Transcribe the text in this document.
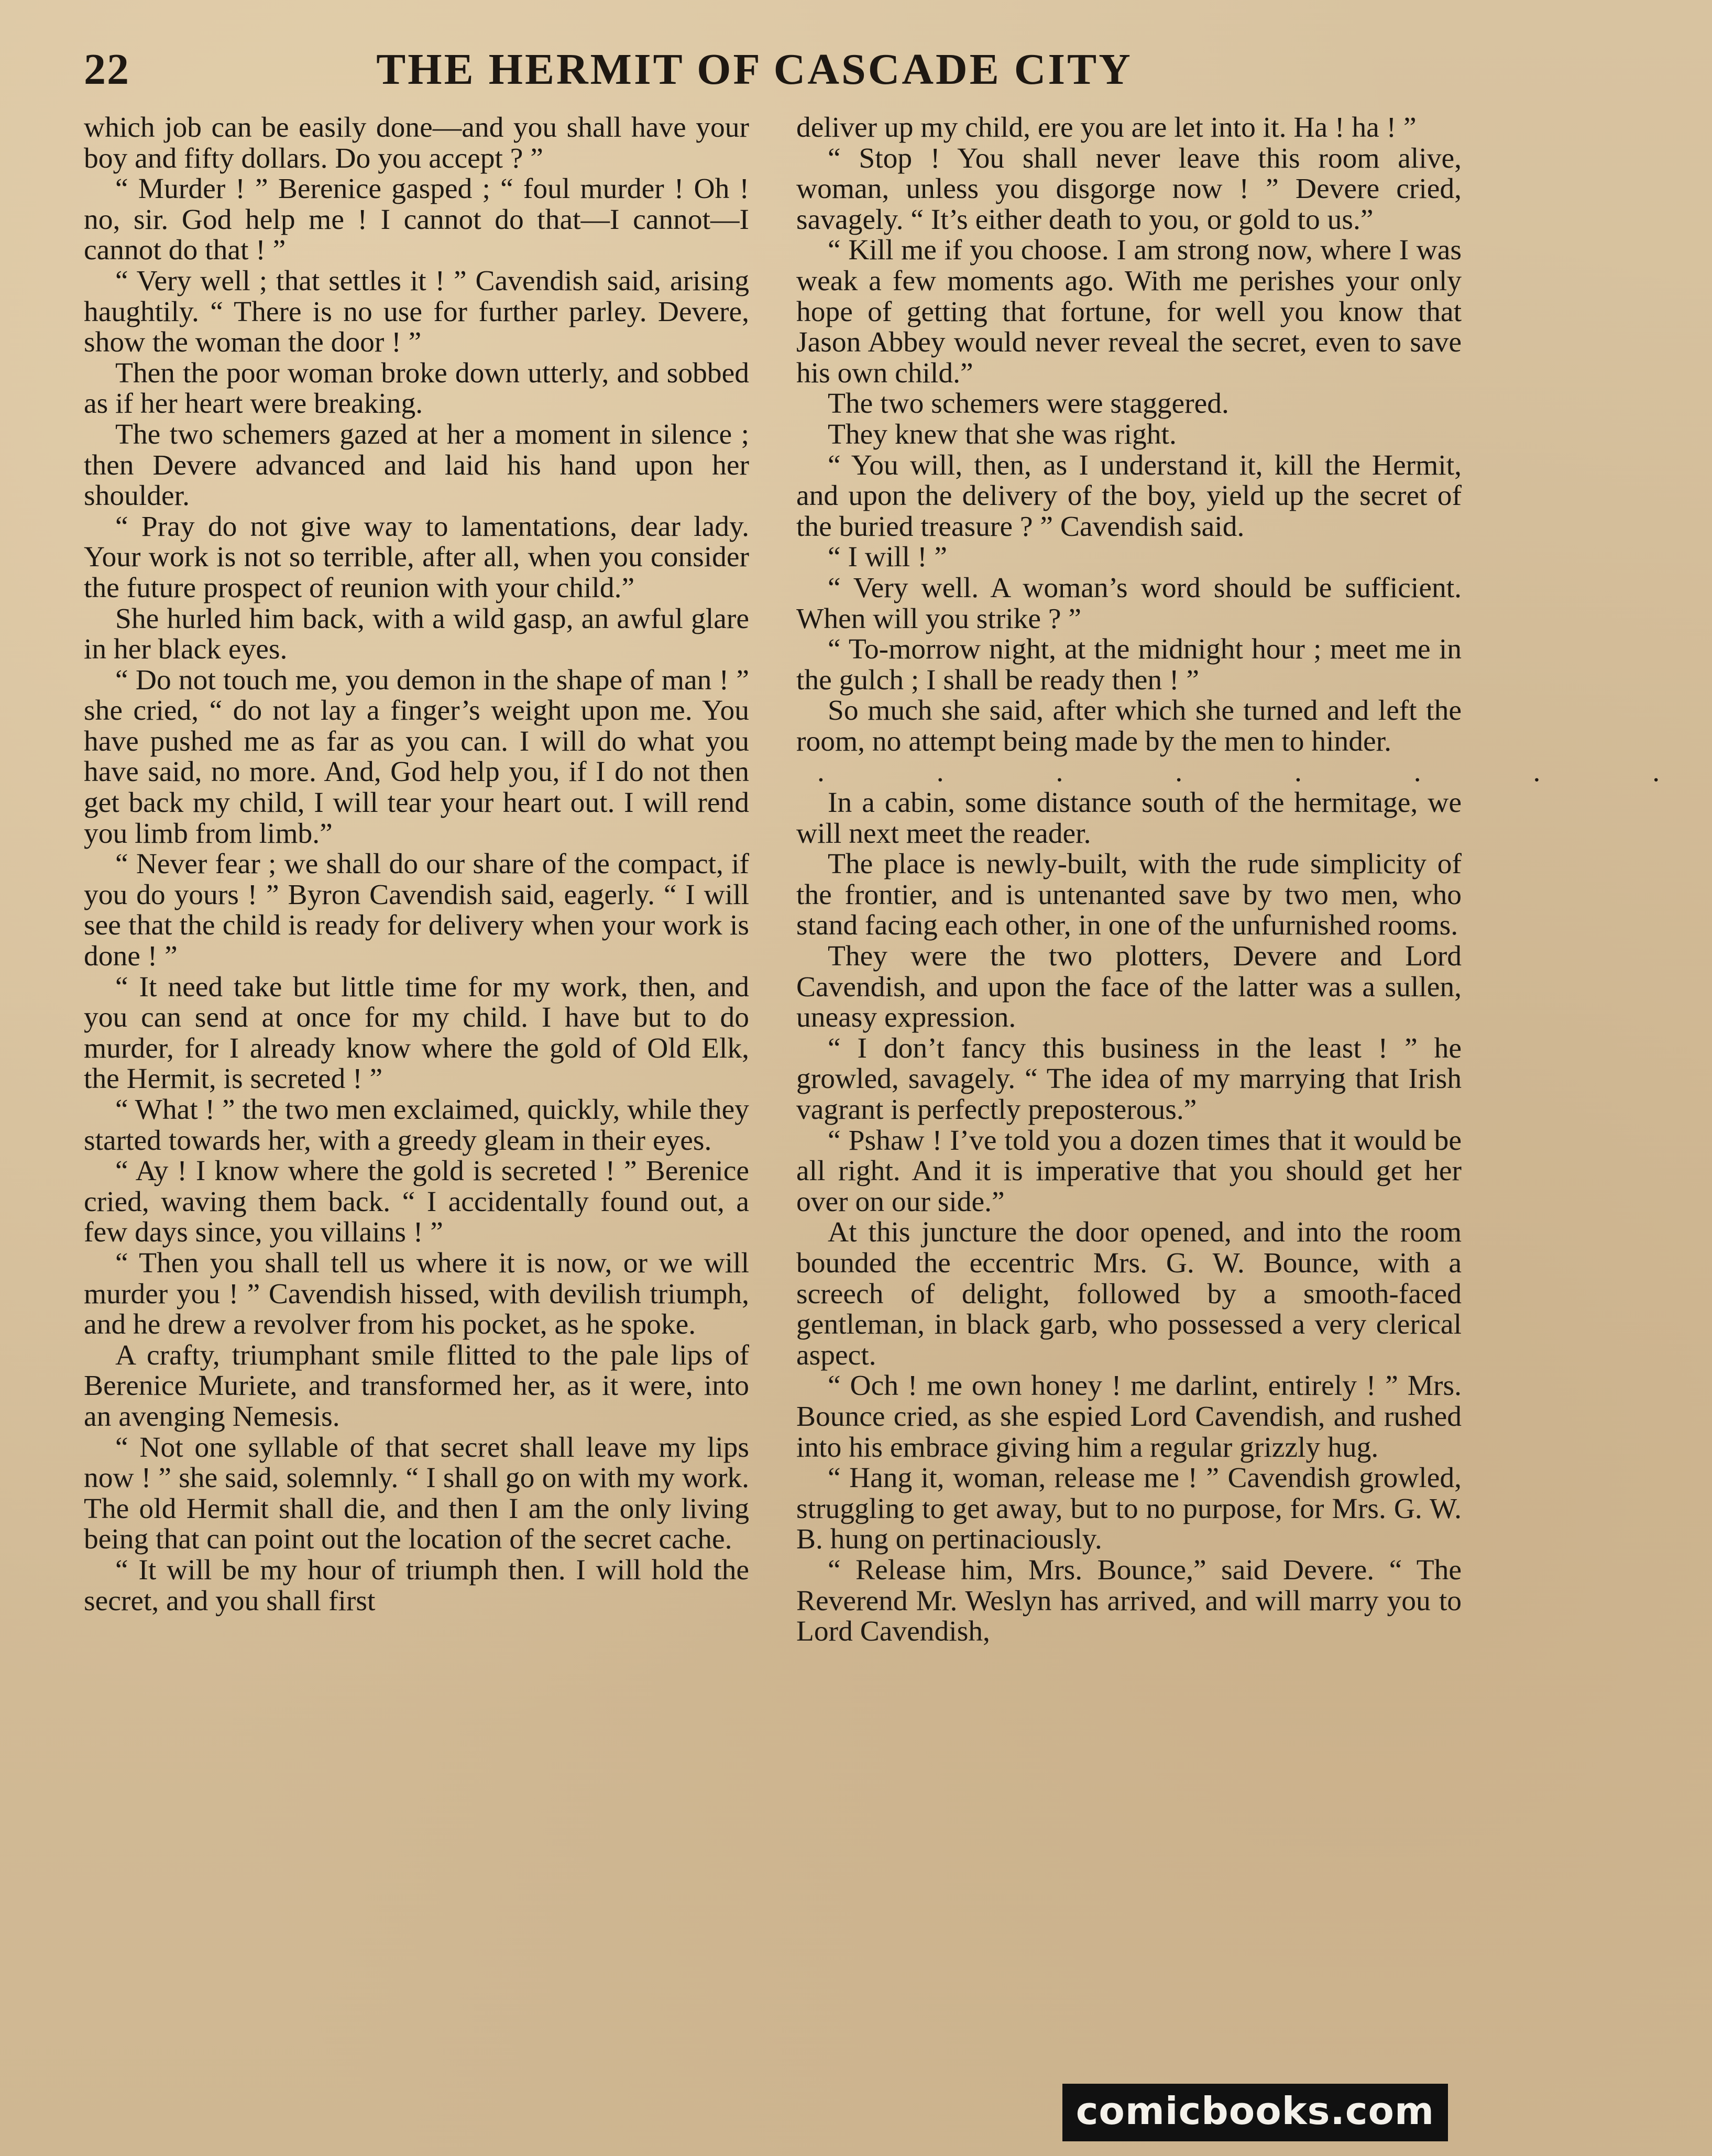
22	THE HERMIT OF CASCADE CITY

which job can be easily done—and you shall have your boy and fifty dollars. Do you accept ? ”

“ Murder ! ” Berenice gasped ; “ foul murder ! Oh ! no, sir. God help me ! I cannot do that—I cannot—I cannot do that ! ”

“ Very well ; that settles it ! ” Cavendish said, arising haughtily. “ There is no use for further parley. Devere, show the woman the door ! ”

Then the poor woman broke down utterly, and sobbed as if her heart were breaking.

The two schemers gazed at her a moment in silence ; then Devere advanced and laid his hand upon her shoulder.

“ Pray do not give way to lamentations, dear lady. Your work is not so terrible, after all, when you consider the future prospect of reunion with your child.”

She hurled him back, with a wild gasp, an awful glare in her black eyes.

“ Do not touch me, you demon in the shape of man ! ” she cried, “ do not lay a finger’s weight upon me. You have pushed me as far as you can. I will do what you have said, no more. And, God help you, if I do not then get back my child, I will tear your heart out. I will rend you limb from limb.”

“ Never fear ; we shall do our share of the compact, if you do yours ! ” Byron Cavendish said, eagerly. “ I will see that the child is ready for delivery when your work is done ! ”

“ It need take but little time for my work, then, and you can send at once for my child. I have but to do murder, for I already know where the gold of Old Elk, the Hermit, is secreted ! ”

“ What ! ” the two men exclaimed, quickly, while they started towards her, with a greedy gleam in their eyes.

“ Ay ! I know where the gold is secreted ! ” Berenice cried, waving them back. “ I accidentally found out, a few days since, you villains ! ”

“ Then you shall tell us where it is now, or we will murder you ! ” Cavendish hissed, with devilish triumph, and he drew a revolver from his pocket, as he spoke.

A crafty, triumphant smile flitted to the pale lips of Berenice Muriete, and transformed her, as it were, into an avenging Nemesis.

“ Not one syllable of that secret shall leave my lips now ! ” she said, solemnly. “ I shall go on with my work. The old Hermit shall die, and then I am the only living being that can point out the location of the secret cache.

“ It will be my hour of triumph then. I will hold the secret, and you shall first

deliver up my child, ere you are let into it. Ha ! ha ! ”

“ Stop ! You shall never leave this room alive, woman, unless you disgorge now ! ” Devere cried, savagely. “ It’s either death to you, or gold to us.”

“ Kill me if you choose. I am strong now, where I was weak a few moments ago. With me perishes your only hope of getting that fortune, for well you know that Jason Abbey would never reveal the secret, even to save his own child.”

The two schemers were staggered.

They knew that she was right.

“ You will, then, as I understand it, kill the Hermit, and upon the delivery of the boy, yield up the secret of the buried treasure ? ” Cavendish said.

“ I will ! ”

“ Very well. A woman’s word should be sufficient. When will you strike ? ”

“ To-morrow night, at the midnight hour ; meet me in the gulch ; I shall be ready then ! ”

So much she said, after which she turned and left the room, no attempt being made by the men to hinder.

. . . . . . . .

In a cabin, some distance south of the hermitage, we will next meet the reader.

The place is newly-built, with the rude simplicity of the frontier, and is untenanted save by two men, who stand facing each other, in one of the unfurnished rooms.

They were the two plotters, Devere and Lord Cavendish, and upon the face of the latter was a sullen, uneasy expression.

“ I don’t fancy this business in the least ! ” he growled, savagely. “ The idea of my marrying that Irish vagrant is perfectly preposterous.”

“ Pshaw ! I’ve told you a dozen times that it would be all right. And it is imperative that you should get her over on our side.”

At this juncture the door opened, and into the room bounded the eccentric Mrs. G. W. Bounce, with a screech of delight, followed by a smooth-faced gentleman, in black garb, who possessed a very clerical aspect.

“ Och ! me own honey ! me darlint, entirely ! ” Mrs. Bounce cried, as she espied Lord Cavendish, and rushed into his embrace giving him a regular grizzly hug.

“ Hang it, woman, release me ! ” Cavendish growled, struggling to get away, but to no purpose, for Mrs. G. W. B. hung on pertinaciously.

“ Release him, Mrs. Bounce,” said Devere. “ The Reverend Mr. Weslyn has arrived, and will marry you to Lord Cavendish,

comicbooks.com
